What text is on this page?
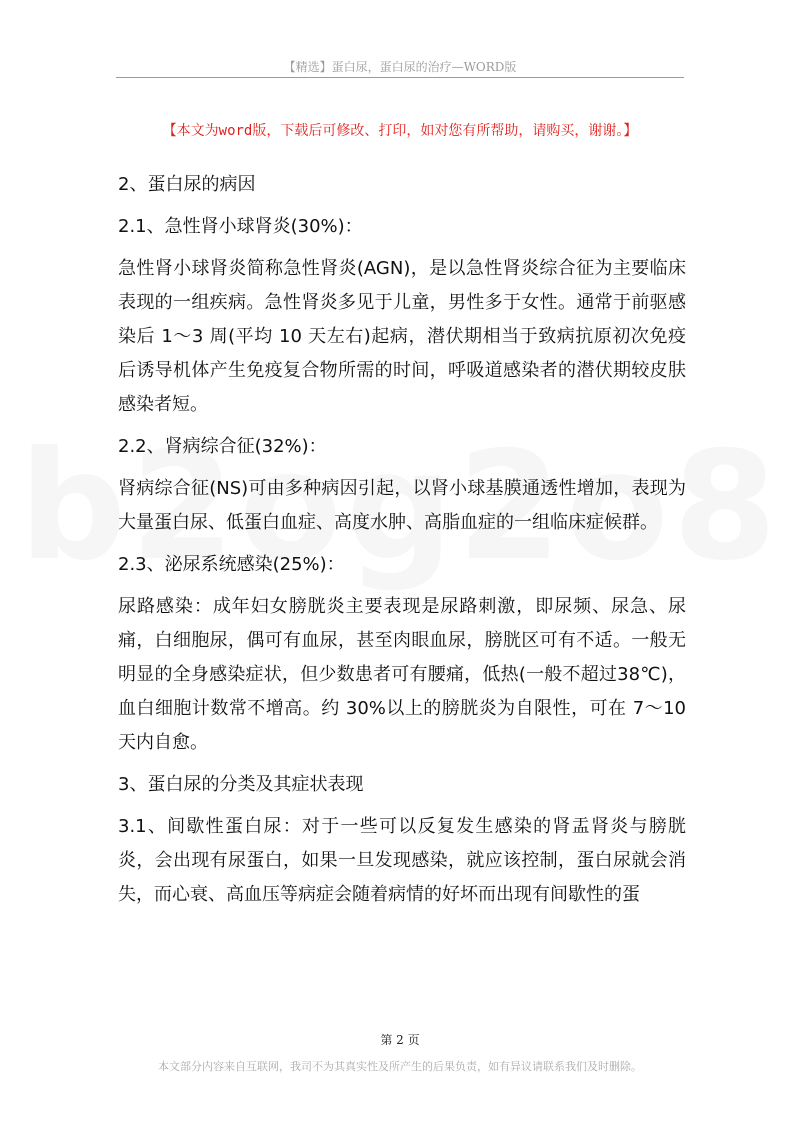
【精选】蛋白尿，蛋白尿的治疗—WORD版
【本文为word版，下载后可修改、打印，如对您有所帮助，请购买，谢谢。】

2、蛋白尿的病因

2.1、急性肾小球肾炎(30%)：

急性肾小球肾炎简称急性肾炎(AGN)，是以急性肾炎综合征为主要临床表现的一组疾病。急性肾炎多见于儿童，男性多于女性。通常于前驱感染后 1～3 周(平均 10 天左右)起病，潜伏期相当于致病抗原初次免疫后诱导机体产生免疫复合物所需的时间，呼吸道感染者的潜伏期较皮肤感染者短。

2.2、肾病综合征(32%)：

肾病综合征(NS)可由多种病因引起，以肾小球基膜通透性增加，表现为大量蛋白尿、低蛋白血症、高度水肿、高脂血症的一组临床症候群。

2.3、泌尿系统感染(25%)：

尿路感染：成年妇女膀胱炎主要表现是尿路刺激，即尿频、尿急、尿痛，白细胞尿，偶可有血尿，甚至肉眼血尿，膀胱区可有不适。一般无明显的全身感染症状，但少数患者可有腰痛，低热(一般不超过38℃)，血白细胞计数常不增高。约 30%以上的膀胱炎为自限性，可在 7～10 天内自愈。

3、蛋白尿的分类及其症状表现

3.1、间歇性蛋白尿：对于一些可以反复发生感染的肾盂肾炎与膀胱炎，会出现有尿蛋白，如果一旦发现感染，就应该控制，蛋白尿就会消失，而心衰、高血压等病症会随着病情的好坏而出现有间歇性的蛋

第 2 页
本文部分内容来自互联网，我司不为其真实性及所产生的后果负责，如有异议请联系我们及时删除。
